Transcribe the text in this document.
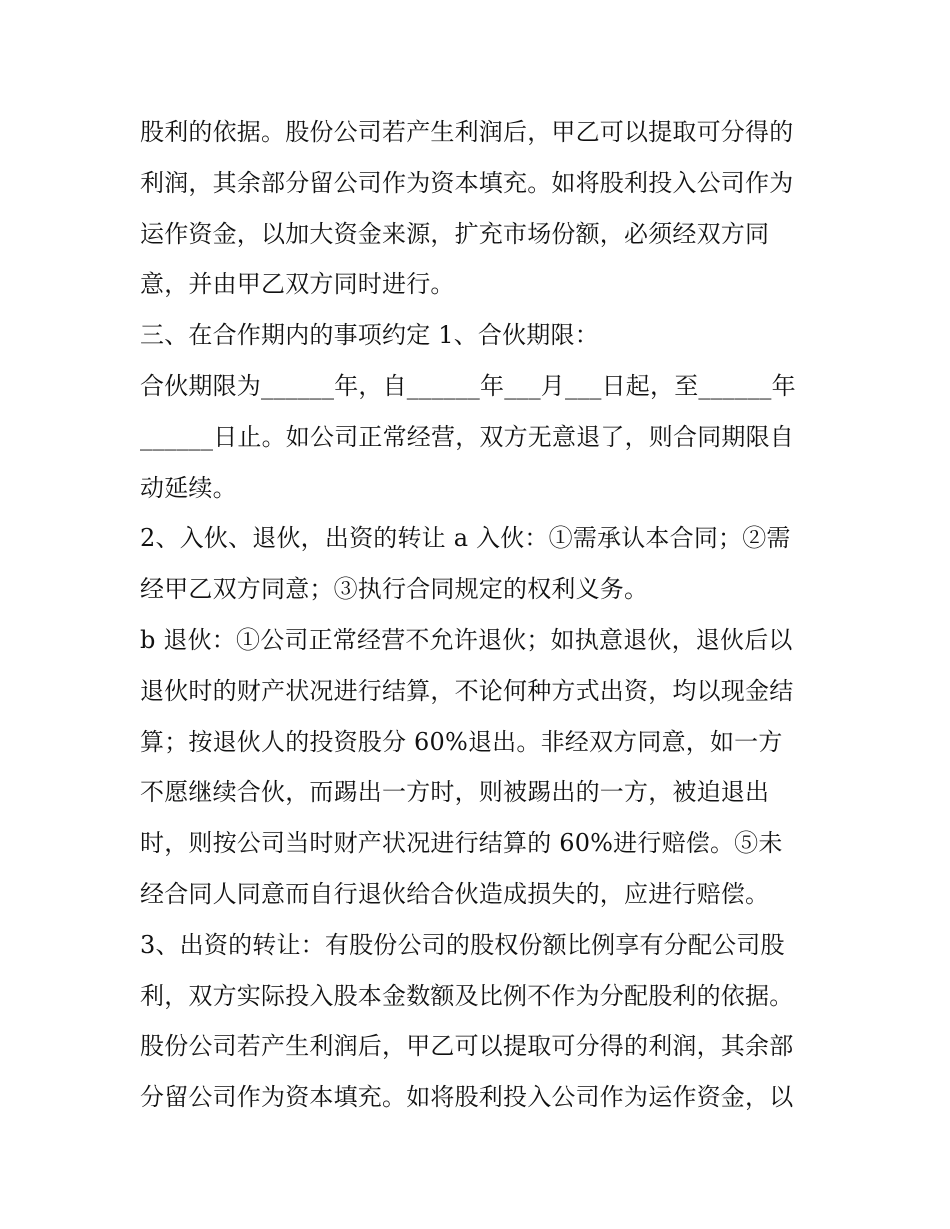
股利的依据。股份公司若产生利润后，甲乙可以提取可分得的
利润，其余部分留公司作为资本填充。如将股利投入公司作为
运作资金，以加大资金来源，扩充市场份额，必须经双方同
意，并由甲乙双方同时进行。
三、在合作期内的事项约定 1、合伙期限：
合伙期限为______年，自______年___月___日起，至______年
______日止。如公司正常经营，双方无意退了，则合同期限自
动延续。
2、入伙、退伙，出资的转让 a 入伙：①需承认本合同；②需
经甲乙双方同意；③执行合同规定的权利义务。
b 退伙：①公司正常经营不允许退伙；如执意退伙，退伙后以
退伙时的财产状况进行结算，不论何种方式出资，均以现金结
算；按退伙人的投资股分 60%退出。非经双方同意，如一方
不愿继续合伙，而踢出一方时，则被踢出的一方，被迫退出
时，则按公司当时财产状况进行结算的 60%进行赔偿。⑤未
经合同人同意而自行退伙给合伙造成损失的，应进行赔偿。
3、出资的转让：有股份公司的股权份额比例享有分配公司股
利，双方实际投入股本金数额及比例不作为分配股利的依据。
股份公司若产生利润后，甲乙可以提取可分得的利润，其余部
分留公司作为资本填充。如将股利投入公司作为运作资金，以
